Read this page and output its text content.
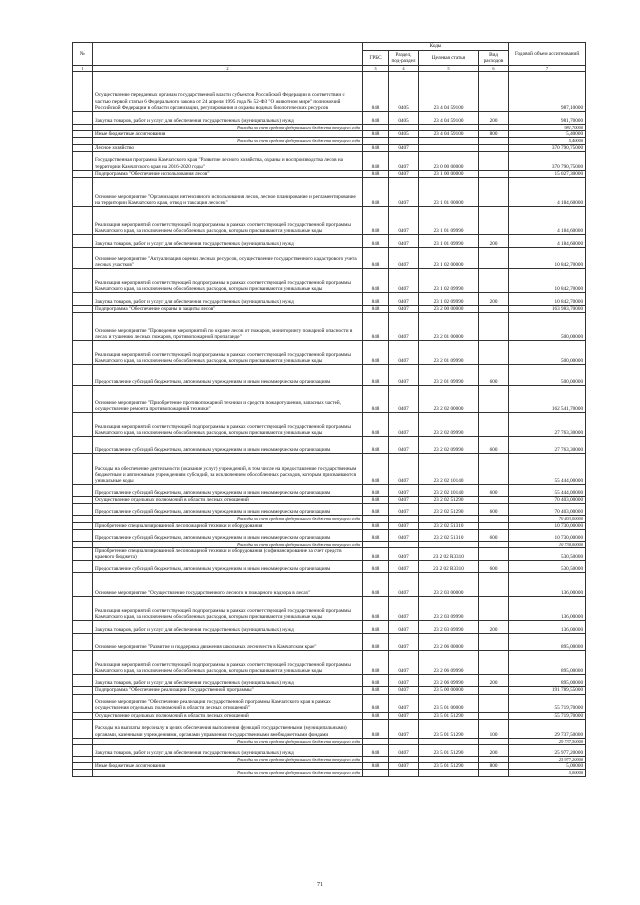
№		Коды				Годовой объем ассигнований
		ГРБС	Раздел, под-раздел	Целевая статья	Вид расходов	
1	2	3	4	5	6	7
	Осуществление переданных органам государственной власти субъектов Российской Федерации в соответствии с частью первой статьи 6 Федерального закона от 24 апреля 1995 года № 52-ФЗ "О животном мире" полномочий Российской Федерации в области организации, регулирования и охраны водных биологических ресурсов	848	0405	23 4 04 59100		987,10000
	Закупка товаров, работ и услуг для обеспечения государственных (муниципальных) нужд	848	0405	23 4 04 59100	200	981,70000
	Расходы за счет средств федерального бюджета текущего года					981,70000
	Иные бюджетные ассигнования	848	0405	23 4 04 59100	800	5,40000
	Расходы за счет средств федерального бюджета текущего года					5,40000
	Лесное хозяйство	848	0407			370 790,75000
	Государственная программа Камчатского края "Развитие лесного хозяйства, охраны и воспроизводства лесов на территории Камчатского края на 2016-2020 годы"	848	0407	23 0 00 00000		370 790,75000
	Подпрограмма "Обеспечение использования лесов"	848	0407	23 1 00 00000		15 027,30000
	Основное мероприятие "Организация интенсивного использования лесов, лесное планирование и регламентирование на территории Камчатского края, отвод и таксация лесосек"	848	0407	23 1 01 00000		4 184,60000
	Реализация мероприятий соответствующей подпрограммы в рамках соответствующей государственной программы Камчатского края, за исключением обособленных расходов, которым присваиваются уникальные коды	848	0407	23 1 01 09990		4 184,60000
	Закупка товаров, работ и услуг для обеспечения государственных (муниципальных) нужд	848	0407	23 1 01 09990	200	4 184,60000
	Основное мероприятие "Актуализация оценки лесных ресурсов, осуществление государственного кадастрового учета лесных участков"	848	0407	23 1 02 00000		10 842,70000
	Реализация мероприятий соответствующей подпрограммы в рамках соответствующей государственной программы Камчатского края, за исключением обособленных расходов, которым присваиваются уникальные коды	848	0407	23 1 02 09990		10 842,70000
	Закупка товаров, работ и услуг для обеспечения государственных (муниципальных) нужд	848	0407	23 1 02 09990	200	10 842,70000
	Подпрограмма "Обеспечение охраны и защиты лесов"	848	0407	23 2 00 00000		163 983,70000
	Основное мероприятие "Проведение мероприятий по охране лесов от пожаров, мониторингу пожарной опасности в лесах и тушению лесных пожаров, противопожарной пропаганде"	848	0407	23 2 01 00000		500,00000
	Реализация мероприятий соответствующей подпрограммы в рамках соответствующей государственной программы Камчатского края, за исключением обособленных расходов, которым присваиваются уникальные коды	848	0407	23 2 01 09990		500,00000
	Предоставление субсидий бюджетным, автономным учреждениям и иным некоммерческим организациям	848	0407	23 2 01 09990	600	500,00000
	Основное мероприятие "Приобретение противопожарной техники и средств пожаротушения, запасных частей, осуществление ремонта противопожарной техники"	848	0407	23 2 02 00000		162 541,70000
	Реализация мероприятий соответствующей подпрограммы в рамках соответствующей государственной программы Камчатского края, за исключением обособленных расходов, которым присваиваются уникальные коды	848	0407	23 2 02 09990		27 763,30000
	Предоставление субсидий бюджетным, автономным учреждениям и иным некоммерческим организациям	848	0407	23 2 02 09990	600	27 763,30000
	Расходы на обеспечение деятельности (оказание услуг) учреждений, в том числе на предоставление государственным бюджетным и автономным учреждениям субсидий, за исключением обособленных расходов, которым присваиваются уникальные коды	848	0407	23 2 02 10140		55 444,00000
	Предоставление субсидий бюджетным, автономным учреждениям и иным некоммерческим организациям	848	0407	23 2 02 10140	600	55 444,00000
	Осуществление отдельных полномочий в области лесных отношений	848	0407	23 2 02 51290		70 403,00000
	Предоставление субсидий бюджетным, автономным учреждениям и иным некоммерческим организациям	848	0407	23 2 02 51290	600	70 403,00000
	Расходы за счет средств федерального бюджета текущего года					70 403,00000
	Приобретение специализированной лесопожарной техники и оборудования	848	0407	23 2 02 51310		10 730,00000
	Предоставление субсидий бюджетным, автономным учреждениям и иным некоммерческим организациям	848	0407	23 2 02 51310	600	10 730,00000
	Расходы за счет средств федерального бюджета текущего года					10 730,00000
	Приобретение специализированной лесопожарной техники и оборудования (софинансирование за счет средств краевого бюджета)	848	0407	23 2 02 R3310		530,50000
	Предоставление субсидий бюджетным, автономным учреждениям и иным некоммерческим организациям	848	0407	23 2 02 R3310	600	530,50000
	Основное мероприятие "Осуществление государственного лесного и пожарного надзора в лесах"	848	0407	23 2 03 00000		136,00000
	Реализация мероприятий соответствующей подпрограммы в рамках соответствующей государственной программы Камчатского края, за исключением обособленных расходов, которым присваиваются уникальные коды	848	0407	23 2 03 09990		136,00000
	Закупка товаров, работ и услуг для обеспечения государственных (муниципальных) нужд	848	0407	23 2 03 09990	200	136,00000
	Основное мероприятие "Развитие и поддержка движения школьных лесничеств в Камчатском крае"	848	0407	23 2 06 00000		895,00000
	Реализация мероприятий соответствующей подпрограммы в рамках соответствующей государственной программы Камчатского края, за исключением обособленных расходов, которым присваиваются уникальные коды	848	0407	23 2 06 09990		895,00000
	Закупка товаров, работ и услуг для обеспечения государственных (муниципальных) нужд	848	0407	23 2 06 09990	200	895,00000
	Подпрограмма "Обеспечение реализации Государственной программы"	848	0407	23 5 00 00000		191 789,55000
	Основное мероприятие "Обеспечение реализации государственной программы Камчатского края в рамках осуществления отдельных полномочий в области лесных отношений"	848	0407	23 5 01 00000		55 719,70000
	Осуществление отдельных полномочий в области лесных отношений	848	0407	23 5 01 51290		55 719,70000
	Расходы на выплаты персоналу в целях обеспечения выполнения функций государственными (муниципальными) органами, казенными учреждениями, органами управления государственными внебюджетными фондами	848	0407	23 5 01 51290	100	29 737,50000
	Расходы за счет средств федерального бюджета текущего года					29 737,50000
	Закупка товаров, работ и услуг для обеспечения государственных (муниципальных) нужд	848	0407	23 5 01 51290	200	25 977,20000
	Расходы за счет средств федерального бюджета текущего года					25 977,20000
	Иные бюджетные ассигнования	848	0407	23 5 01 51290	800	5,00000
	Расходы за счет средств федерального бюджета текущего года					5,00000
71
